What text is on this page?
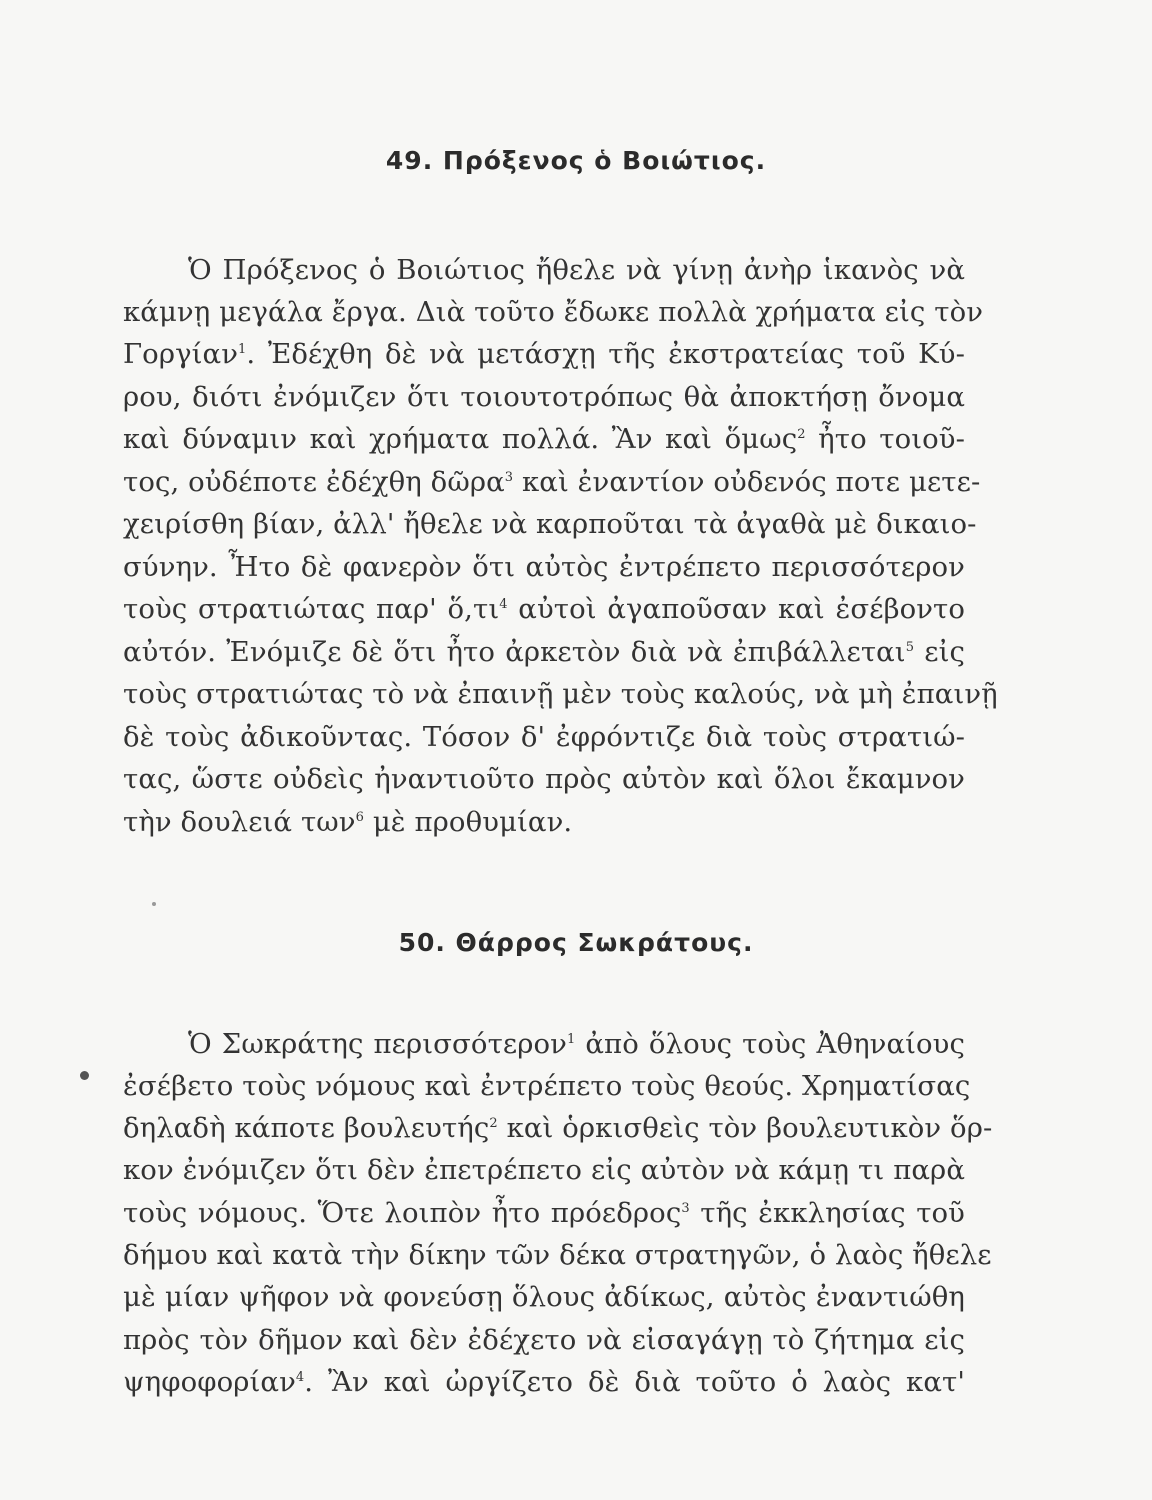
49. Πρόξενος ὁ Βοιώτιος.
Ὁ Πρόξενος ὁ Βοιώτιος ἤθελε νὰ γίνῃ ἀνὴρ ἱκανὸς νὰ
κάμνῃ μεγάλα ἔργα. Διὰ τοῦτο ἔδωκε πολλὰ χρήματα εἰς τὸν
Γοργίαν$^1$. Ἐδέχθη δὲ νὰ μετάσχῃ τῆς ἐκστρατείας τοῦ Κύ-
ρου, διότι ἐνόμιζεν ὅτι τοιουτοτρόπως θὰ ἀποκτήσῃ ὄνομα
καὶ δύναμιν καὶ χρήματα πολλά. Ἂν καὶ ὅμως$^2$ ἦτο τοιοῦ-
τος, οὐδέποτε ἐδέχθη δῶρα$^3$ καὶ ἐναντίον οὐδενός ποτε μετε-
χειρίσθη βίαν, ἀλλ' ἤθελε νὰ καρποῦται τὰ ἀγαθὰ μὲ δικαιο-
σύνην. Ἦτο δὲ φανερὸν ὅτι αὐτὸς ἐντρέπετο περισσότερον
τοὺς στρατιώτας παρ' $ὅ,\tau\iota^4$ αὐτοὶ ἀγαποῦσαν καὶ ἐσέβοντο
αὐτόν. Ἐνόμιζε δὲ ὅτι ἦτο ἀρκετὸν διὰ νὰ ἐπιβάλλεται$^5$ εἰς
τοὺς στρατιώτας τὸ νὰ ἐπαινῇ μὲν τοὺς καλούς, νὰ μὴ ἐπαινῇ
δὲ τοὺς ἀδικοῦντας. Τόσον δ' ἐφρόντιζε διὰ τοὺς στρατιώ-
τας, ὥστε οὐδεὶς ἠναντιοῦτο πρὸς αὐτὸν καὶ ὅλοι ἔκαμνον
τὴν δουλειά των$^6$ μὲ προθυμίαν.
50. Θάρρος Σωκράτους.
Ὁ Σωκράτης περισσότερον$^1$ ἀπὸ ὅλους τοὺς Ἀθηναίους
ἐσέβετο τοὺς νόμους καὶ ἐντρέπετο τοὺς θεούς. Χρηματίσας
δηλαδὴ κάποτε βουλευτής$^2$ καὶ ὁρκισθεὶς τὸν βουλευτικὸν ὅρ-
κον ἐνόμιζεν ὅτι δὲν ἐπετρέπετο εἰς αὐτὸν νὰ κάμῃ τι παρὰ
τοὺς νόμους. Ὅτε λοιπὸν ἦτο πρόεδρος$^3$ τῆς ἐκκλησίας τοῦ
δήμου καὶ κατὰ τὴν δίκην τῶν δέκα στρατηγῶν, ὁ λαὸς ἤθελε
μὲ μίαν ψῆφον νὰ φονεύσῃ ὅλους ἀδίκως, αὐτὸς ἐναντιώθη
πρὸς τὸν δῆμον καὶ δὲν ἐδέχετο νὰ εἰσαγάγῃ τὸ ζήτημα εἰς
ψηφοφορίαν$^4$. Ἂν καὶ ὠργίζετο δὲ διὰ τοῦτο ὁ λαὸς κατ'
